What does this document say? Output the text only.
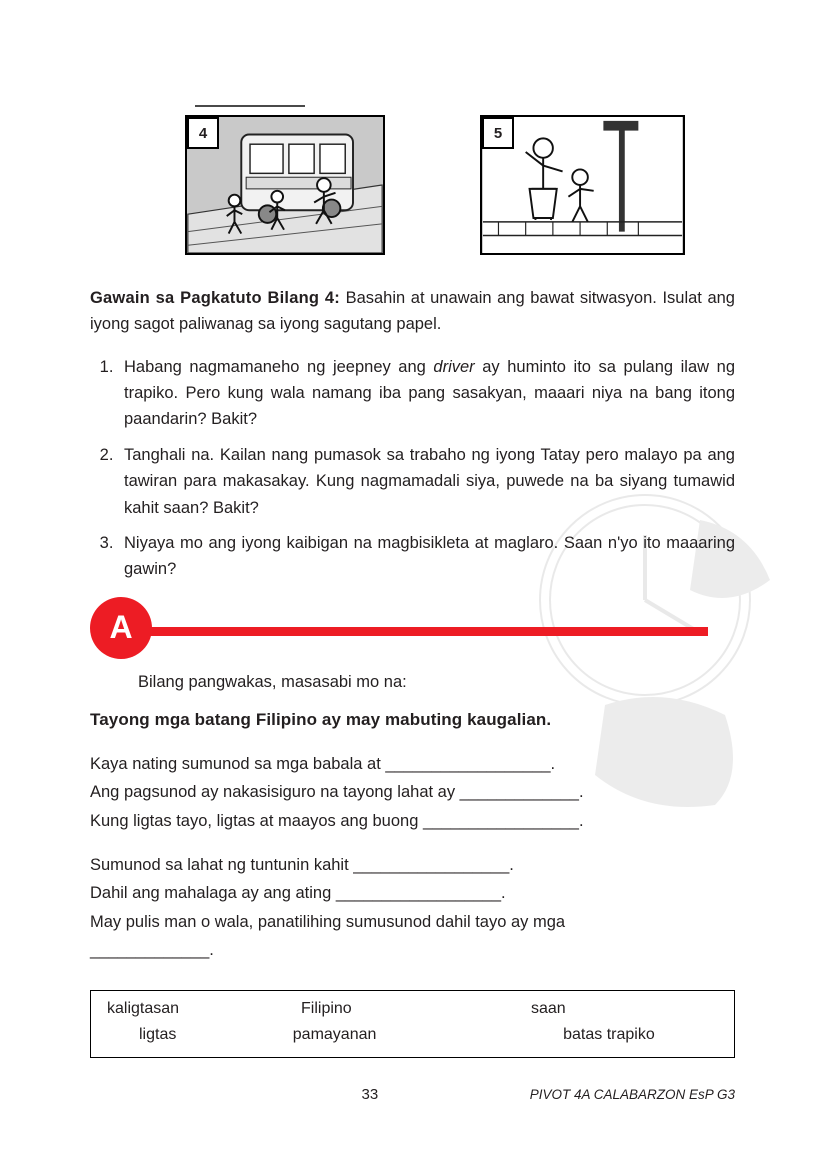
4	5

Gawain sa Pagkatuto Bilang 4: Basahin at unawain ang bawat sitwasyon. Isulat ang iyong sagot paliwanag sa iyong sagutang papel.

1. Habang nagmamaneho ng jeepney ang driver ay huminto ito sa pulang ilaw ng trapiko. Pero kung wala namang iba pang sasakyan, maaari niya na bang itong paandarin? Bakit?
2. Tanghali na. Kailan nang pumasok sa trabaho ng iyong Tatay pero malayo pa ang tawiran para makasakay. Kung nagmamadali siya, puwede na ba siyang tumawid kahit saan? Bakit?
3. Niyaya mo ang iyong kaibigan na magbisikleta at maglaro. Saan n'yo ito maaaring gawin?
A

Bilang pangwakas, masasabi mo na:

Tayong mga batang Filipino ay may mabuting kaugalian.

Kaya nating sumunod sa mga babala at __________________.

Ang pagsunod ay nakasisiguro na tayong lahat ay _____________.

Kung ligtas tayo, ligtas at maayos ang buong _________________.

Sumunod sa lahat ng tuntunin kahit _________________.

Dahil ang mahalaga ay ang ating __________________.

May pulis man o wala, panatilihing sumusunod dahil tayo ay mga

_____________.

kaligtasan	Filipino	saan
ligtas	pamayanan	batas trapiko
33	PIVOT 4A CALABARZON EsP G3
